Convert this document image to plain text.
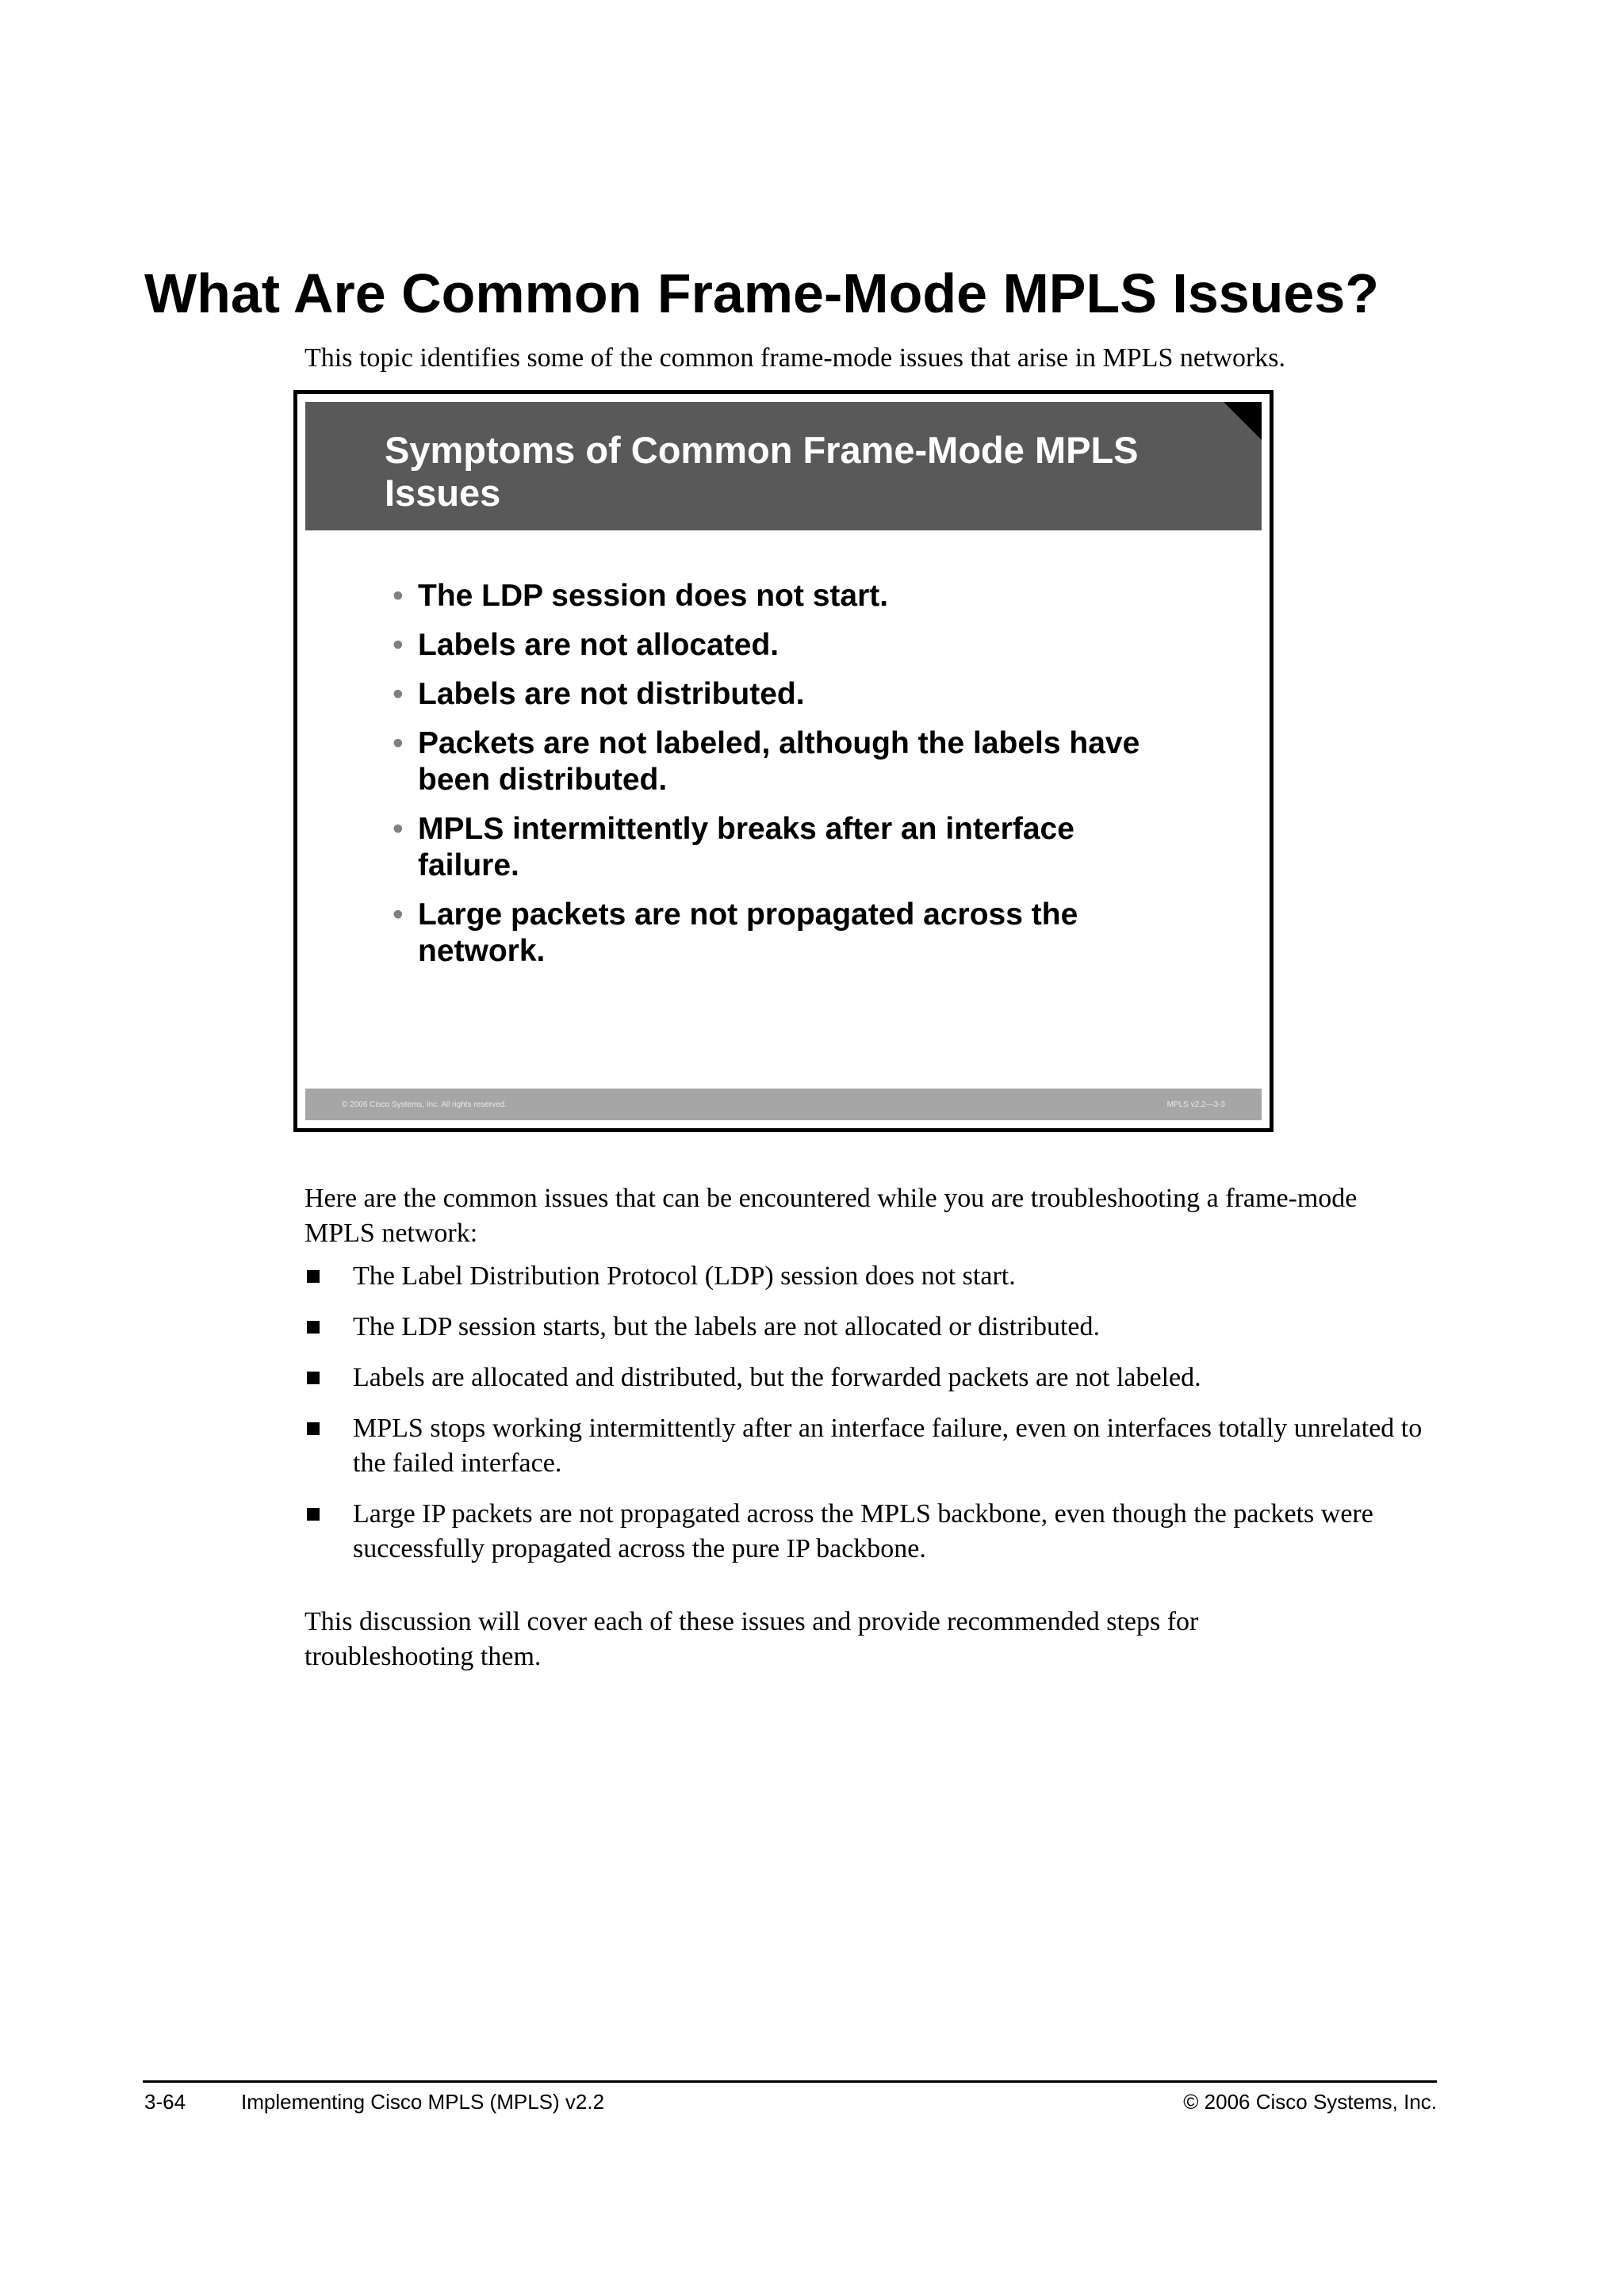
What Are Common Frame-Mode MPLS Issues?
This topic identifies some of the common frame-mode issues that arise in MPLS networks.
Symptoms of Common Frame-Mode MPLS Issues
• The LDP session does not start.
• Labels are not allocated.
• Labels are not distributed.
• Packets are not labeled, although the labels have been distributed.
• MPLS intermittently breaks after an interface failure.
• Large packets are not propagated across the network.
© 2006 Cisco Systems, Inc. All rights reserved.	MPLS v2.2—3-3
Here are the common issues that can be encountered while you are troubleshooting a frame-mode MPLS network:
The Label Distribution Protocol (LDP) session does not start.
The LDP session starts, but the labels are not allocated or distributed.
Labels are allocated and distributed, but the forwarded packets are not labeled.
MPLS stops working intermittently after an interface failure, even on interfaces totally unrelated to the failed interface.
Large IP packets are not propagated across the MPLS backbone, even though the packets were successfully propagated across the pure IP backbone.
This discussion will cover each of these issues and provide recommended steps for troubleshooting them.
3-64	Implementing Cisco MPLS (MPLS) v2.2	© 2006 Cisco Systems, Inc.
